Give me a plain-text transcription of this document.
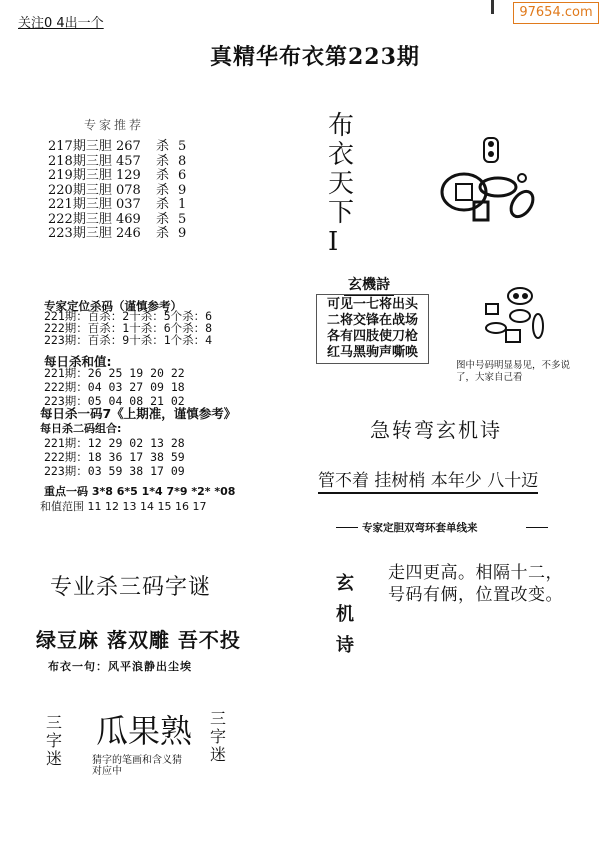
关注0 4出一个
97654.com
真精华布衣第223期
专家推荐
217期三胆 267 杀 5
218期三胆 457 杀 8
219期三胆 129 杀 6
220期三胆 078 杀 9
221期三胆 037 杀 1
222期三胆 469 杀 5
223期三胆 246 杀 9
专家定位杀码（谨慎参考）
221期：百杀：2十杀：5个杀：6
222期：百杀：1十杀：6个杀：8
223期：百杀：9十杀：1个杀：4
每日杀和值:
221期：26 25 19 20 22
222期：04 03 27 09 18
223期：05 04 08 21 02
每日杀一码7《上期准，谨慎参考》
每日杀二码组合:
221期：12 29 02 13 28
222期：18 36 17 38 59
223期：03 59 38 17 09
重点一码 3*8 6*5 1*4 7*9 *2* *08
和值范围 11 12 13 14 15 16 17
专业杀三码字谜
绿豆麻 落双雕 吾不投
布衣一句：风平浪静出尘埃
三字迷
瓜果熟
猜字的笔画和含义猜对应中
三字迷
布衣天下I
玄機詩
可见一七将出头
二将交锋在战场
各有四肢使刀枪
红马黑驹声嘶唤
图中号码明显易见，不多说了，大家自己看
急转弯玄机诗
管不着 挂树梢 本年少 八十迈
专家定胆双弯环套单线来
玄机诗
走四更高。相隔十二，
号码有俩，位置改变。
